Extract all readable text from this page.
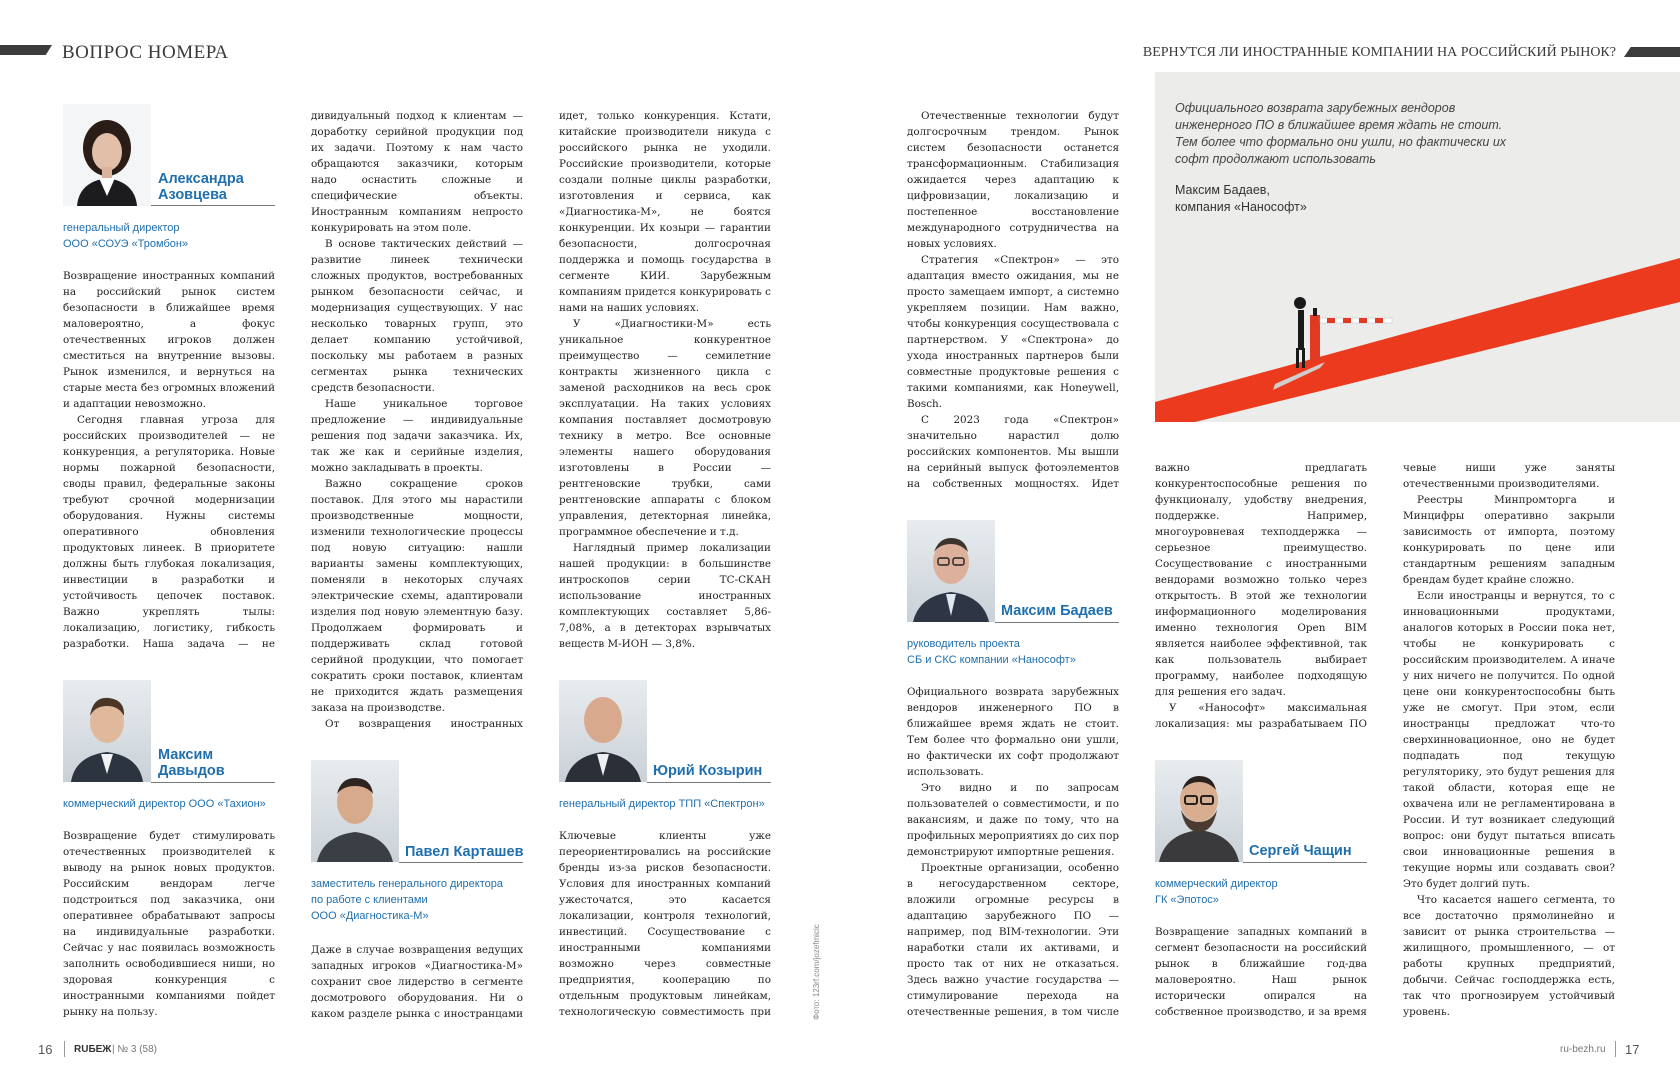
ВОПРОС НОМЕРА	ВЕРНУТСЯ ЛИ ИНОСТРАННЫЕ КОМПАНИИ НА РОССИЙСКИЙ РЫНОК?
Александра
Азовцева
генеральный директор
ООО «СОУЭ «Тромбон»

Возвращение иностранных компаний на российский рынок систем безопасности в ближайшее время маловероятно, а фокус отечественных игроков должен сместиться на внутренние вызовы. Рынок изменился, и вернуться на старые места без огромных вложений и адаптации невозможно.

Сегодня главная угроза для российских производителей — не конкуренция, а регуляторика. Новые нормы пожарной безопасности, своды правил, федеральные законы требуют срочной модернизации оборудования. Нужны системы оперативного обновления продуктовых линеек. В приоритете должны быть глубокая локализация, инвестиции в разработки и устойчивость цепочек поставок. Важно укреплять тылы: локализацию, логистику, гибкость разработки. Наша задача — не

Максим
Давыдов
коммерческий директор ООО «Тахион»

Возвращение будет стимулировать отечественных производителей к выводу на рынок новых продуктов. Российским вендорам легче подстроиться под заказчика, они оперативнее обрабатывают запросы на индивидуальные разработки. Сейчас у нас появилась возможность заполнить освободившиеся ниши, но здоровая конкуренция с иностранными компаниями пойдет рынку на пользу.

дивидуальный подход к клиентам — доработку серийной продукции под их задачи. Поэтому к нам часто обращаются заказчики, которым надо оснастить сложные и специфические объекты. Иностранным компаниям непросто конкурировать на этом поле.

В основе тактических действий — развитие линеек технически сложных продуктов, востребованных рынком безопасности сейчас, и модернизация существующих. У нас несколько товарных групп, это делает компанию устойчивой, поскольку мы работаем в разных сегментах рынка технических средств безопасности.

Наше уникальное торговое предложение — индивидуальные решения под задачи заказчика. Их, так же как и серийные изделия, можно закладывать в проекты.

Важно сокращение сроков поставок. Для этого мы нарастили производственные мощности, изменили технологические процессы под новую ситуацию: нашли варианты замены комплектующих, поменяли в некоторых случаях электрические схемы, адаптировали изделия под новую элементную базу. Продолжаем формировать и поддерживать склад готовой серийной продукции, что помогает сократить сроки поставок, клиентам не приходится ждать размещения заказа на производстве.

От возвращения иностранных

Павел Карташев
заместитель генерального директора
по работе с клиентами
ООО «Диагностика-М»

Даже в случае возвращения ведущих западных игроков «Диагностика-М» сохранит свое лидерство в сегменте досмотрового оборудования. Ни о каком разделе рынка с иностранцами

идет, только конкуренция. Кстати, китайские производители никуда с российского рынка не уходили. Российские производители, которые создали полные циклы разработки, изготовления и сервиса, как «Диагностика-М», не боятся конкуренции. Их козыри — гарантии безопасности, долгосрочная поддержка и помощь государства в сегменте КИИ. Зарубежным компаниям придется конкурировать с нами на наших условиях.

У «Диагностики-М» есть уникальное конкурентное преимущество — семилетние контракты жизненного цикла с заменой расходников на весь срок эксплуатации. На таких условиях компания поставляет досмотровую технику в метро. Все основные элементы нашего оборудования изготовлены в России — рентгеновские трубки, сами рентгеновские аппараты с блоком управления, детекторная линейка, программное обеспечение и т.д.

Наглядный пример локализации нашей продукции: в большинстве интроскопов серии ТС-СКАН использование иностранных комплектующих составляет 5,86-7,08%, а в детекторах взрывчатых веществ М-ИОН — 3,8%.

Юрий Козырин
генеральный директор ТПП «Спектрон»

Ключевые клиенты уже переориентировались на российские бренды из-за рисков безопасности. Условия для иностранных компаний ужесточатся, это касается локализации, контроля технологий, инвестиций. Сосуществование с иностранными компаниями возможно через совместные предприятия, кооперацию по отдельным продуктовым линейкам, технологическую совместимость при	Фото: 123rf.com/jozefmicic

Отечественные технологии будут долгосрочным трендом. Рынок систем безопасности останется трансформационным. Стабилизация ожидается через адаптацию к цифровизации, локализацию и постепенное восстановление международного сотрудничества на новых условиях.

Стратегия «Спектрон» — это адаптация вместо ожидания, мы не просто замещаем импорт, а системно укрепляем позиции. Нам важно, чтобы конкуренция сосуществовала с партнерством. У «Спектрона» до ухода иностранных партнеров были совместные продуктовые решения с такими компаниями, как Honeywell, Bosch.

С 2023 года «Спектрон» значительно нарастил долю российских компонентов. Мы вышли на серийный выпуск фотоэлементов на собственных мощностях. Идет

Максим Бадаев
руководитель проекта
СБ и СКС компании «Нанософт»

Официального возврата зарубежных вендоров инженерного ПО в ближайшее время ждать не стоит. Тем более что формально они ушли, но фактически их софт продолжают использовать.

Это видно и по запросам пользователей о совместимости, и по вакансиям, и даже по тому, что на профильных мероприятиях до сих пор демонстрируют импортные решения.

Проектные организации, особенно в негосударственном секторе, вложили огромные ресурсы в адаптацию зарубежного ПО — например, под BIM-технологии. Эти наработки стали их активами, и просто так от них не отказаться. Здесь важно участие государства — стимулирование перехода на отечественные решения, в том числе

Официального возврата зарубежных вендоров
инженерного ПО в ближайшее время ждать не стоит.
Тем более что формально они ушли, но фактически их
софт продолжают использовать
Максим Бадаев,
компания «Нанософт»

важно предлагать конкурентоспособные решения по функционалу, удобству внедрения, поддержке. Например, многоуровневая техподдержка — серьезное преимущество. Сосуществование с иностранными вендорами возможно только через открытость. В этой же технологии информационного моделирования именно технология Open BIM является наиболее эффективной, так как пользователь выбирает программу, наиболее подходящую для решения его задач.

У «Нанософт» максимальная локализация: мы разрабатываем ПО

Сергей Чащин
коммерческий директор
ГК «Эпотос»

Возвращение западных компаний в сегмент безопасности на российский рынок в ближайшие год-два маловероятно. Наш рынок исторически опирался на собственное производство, и за время

чевые ниши уже заняты отечественными производителями.

Реестры Минпромторга и Минцифры оперативно закрыли зависимость от импорта, поэтому конкурировать по цене или стандартным решениям западным брендам будет крайне сложно.

Если иностранцы и вернутся, то с инновационными продуктами, аналогов которых в России пока нет, чтобы не конкурировать с российским производителем. А иначе у них ничего не получится. По одной цене они конкурентоспособны быть уже не смогут. При этом, если иностранцы предложат что-то сверхинновационное, оно не будет подпадать под текущую регуляторику, это будут решения для такой области, которая еще не охвачена или не регламентирована в России. И тут возникает следующий вопрос: они будут пытаться вписать свои инновационные решения в текущие нормы или создавать свои? Это будет долгий путь.

Что касается нашего сегмента, то все достаточно прямолинейно и зависит от рынка строительства — жилищного, промышленного, — от работы крупных предприятий, добычи. Сейчас господдержка есть, так что прогнозируем устойчивый уровень.

16 RUБЕЖ | № 3 (58)	ru-bezh.ru 17
